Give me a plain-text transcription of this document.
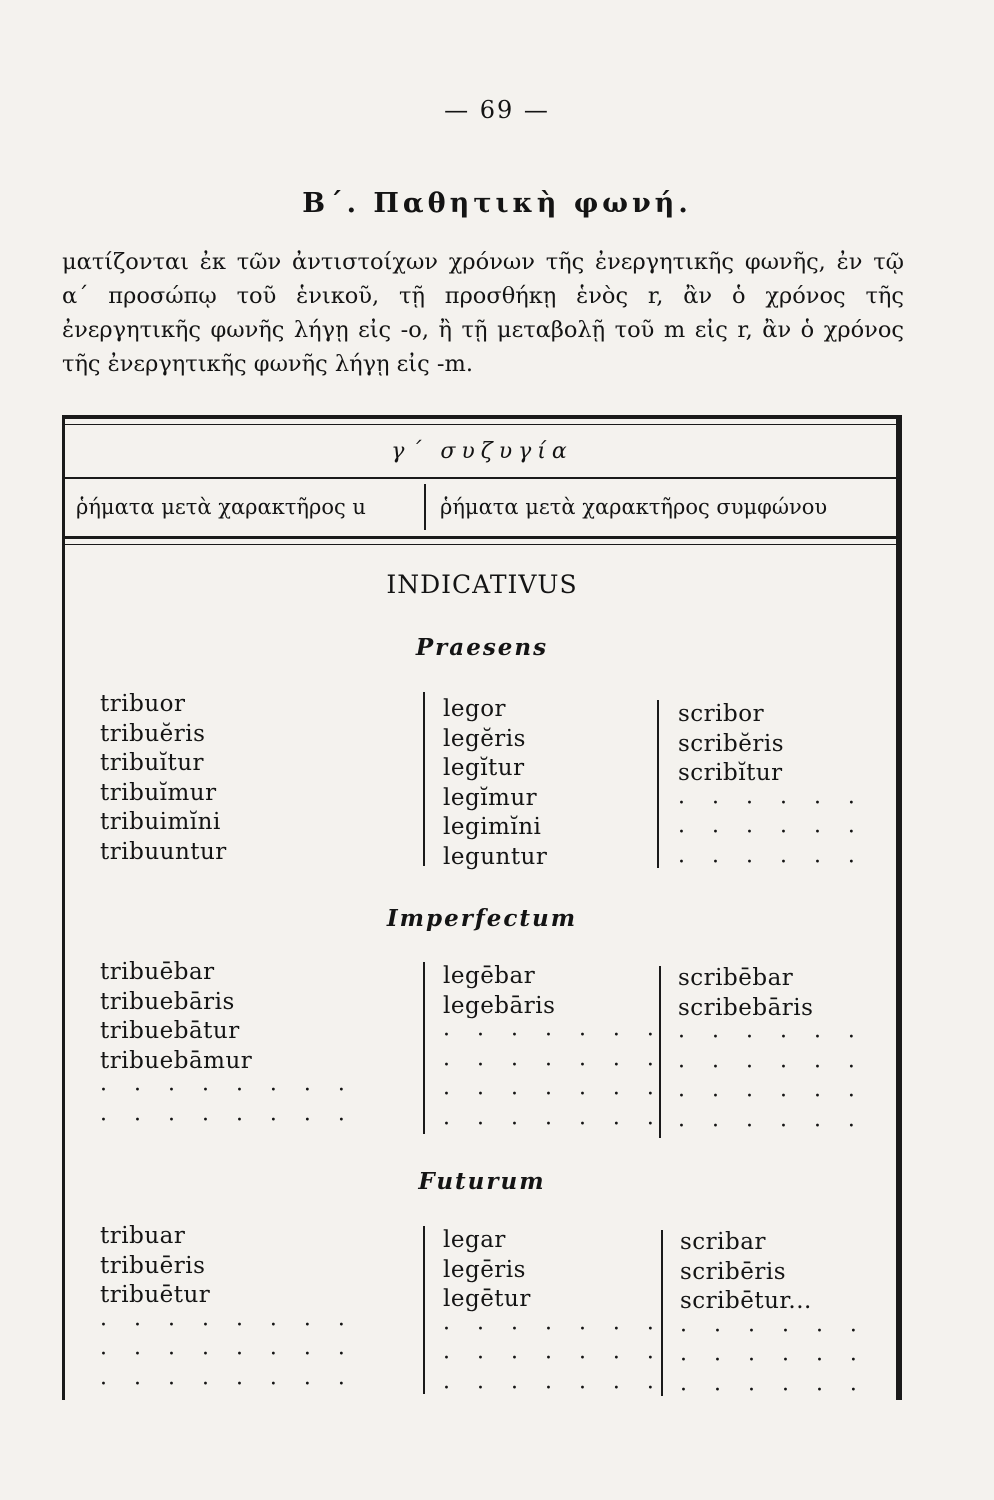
— 69 —
Β΄. Παθητικὴ φωνή.
ματίζονται ἐκ τῶν ἀντιστοίχων χρόνων τῆς ἐνεργητικῆς φωνῆς, ἐν τῷ α΄ προσώπῳ τοῦ ἑνικοῦ, τῇ προσθήκῃ ἑνὸς r, ἂν ὁ χρόνος τῆς ἐνεργητικῆς φωνῆς λήγῃ εἰς -ο, ἢ τῇ μεταβολῇ τοῦ m εἰς r, ἂν ὁ χρόνος τῆς ἐνεργητικῆς φωνῆς λήγῃ εἰς -m.
γ΄ συζυγία
ῥήματα μετὰ χαρακτῆρος u	ῥήματα μετὰ χαρακτῆρος συμφώνου
INDICATIVUS
Praesens
tribuor
tribuĕris
tribuĭtur
tribuĭmur
tribuimĭni
tribuuntur
legor
legĕris
legĭtur
legĭmur
legimĭni
leguntur
scribor
scribĕris
scribĭtur
· · · · · ·
· · · · · ·
· · · · · ·
Imperfectum
tribuēbar
tribuebāris
tribuebātur
tribuebāmur
· · · · · · · ·
· · · · · · · ·
legēbar
legebāris
· · · · · · ·
· · · · · · ·
· · · · · · ·
· · · · · · ·
scribēbar
scribebāris
· · · · · ·
· · · · · ·
· · · · · ·
· · · · · ·
Futurum
tribuar
tribuēris
tribuētur
· · · · · · · ·
· · · · · · · ·
· · · · · · · ·
legar
legēris
legētur
· · · · · · ·
· · · · · · ·
· · · · · · ·
scribar
scribēris
scribētur...
· · · · · ·
· · · · · ·
· · · · · ·
